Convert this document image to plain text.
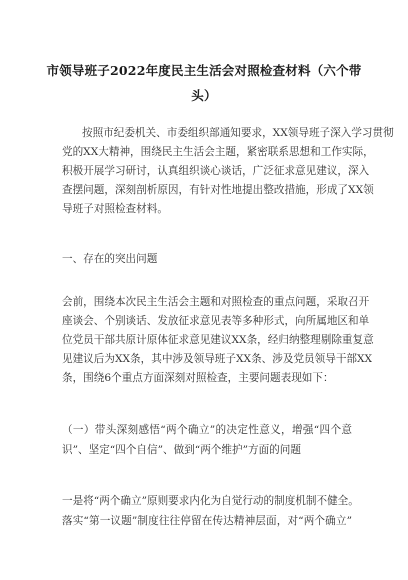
市领导班子2022年度民主生活会对照检查材料（六个带
头）
按照市纪委机关、市委组织部通知要求，XX领导班子深入学习贯彻
党的XX大精神，围绕民主生活会主题，紧密联系思想和工作实际，
积极开展学习研讨，认真组织谈心谈话，广泛征求意见建议，深入
查摆问题，深刻剖析原因，有针对性地提出整改措施，形成了XX领
导班子对照检查材料。
一、存在的突出问题
会前，围绕本次民主生活会主题和对照检查的重点问题，采取召开
座谈会、个别谈话、发放征求意见表等多种形式，向所属地区和单
位党员干部共原计原体征求意见建议XX条，经归纳整理剔除重复意
见建议后为XX条，其中涉及领导班子XX条、涉及党员领导干部XX
条，围绕6个重点方面深刻对照检查，主要问题表现如下：
（一）带头深刻感悟“两个确立”的决定性意义，增强“四个意
识”、坚定“四个自信”、做到“两个维护”方面的问题
一是将“两个确立”原则要求内化为自觉行动的制度机制不健全。
落实“第一议题”制度往往停留在传达精神层面，对“两个确立”
